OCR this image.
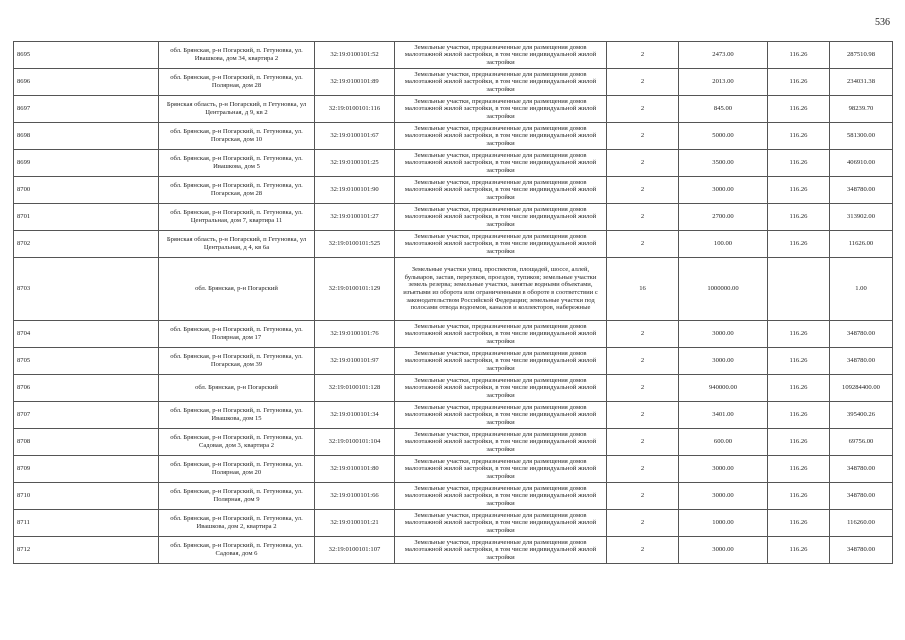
536
8695	обл. Брянская, р-н Погарский, п. Гетуновка, ул. Ивашкова, дом 34, квартира 2	32:19:0100101:52	Земельные участки, предназначенные для размещения домов малоэтажной жилой застройки, в том числе индивидуальной жилой застройки	2	2473.00	116.26	287510.98
8696	обл. Брянская, р-н Погарский, п. Гетуновка, ул. Полярная, дом 28	32:19:0100101:89	Земельные участки, предназначенные для размещения домов малоэтажной жилой застройки, в том числе индивидуальной жилой застройки	2	2013.00	116.26	234031.38
8697	Брянская область, р-н Погарский, п Гетуновка, ул Центральная, д 9, кв 2	32:19:0100101:116	Земельные участки, предназначенные для размещения домов малоэтажной жилой застройки, в том числе индивидуальной жилой застройки	2	845.00	116.26	98239.70
8698	обл. Брянская, р-н Погарский, п. Гетуновка, ул. Погарская, дом 10	32:19:0100101:67	Земельные участки, предназначенные для размещения домов малоэтажной жилой застройки, в том числе индивидуальной жилой застройки	2	5000.00	116.26	581300.00
8699	обл. Брянская, р-н Погарский, п. Гетуновка, ул. Ивашкова, дом 5	32:19:0100101:25	Земельные участки, предназначенные для размещения домов малоэтажной жилой застройки, в том числе индивидуальной жилой застройки	2	3500.00	116.26	406910.00
8700	обл. Брянская, р-н Погарский, п. Гетуновка, ул. Погарская, дом 28	32:19:0100101:90	Земельные участки, предназначенные для размещения домов малоэтажной жилой застройки, в том числе индивидуальной жилой застройки	2	3000.00	116.26	348780.00
8701	обл. Брянская, р-н Погарский, п. Гетуновка, ул. Центральная, дом 7, квартира 11	32:19:0100101:27	Земельные участки, предназначенные для размещения домов малоэтажной жилой застройки, в том числе индивидуальной жилой застройки	2	2700.00	116.26	313902.00
8702	Брянская область, р-н Погарский, п Гетуновка, ул Центральная, д 4, кв 6а	32:19:0100101:525	Земельные участки, предназначенные для размещения домов малоэтажной жилой застройки, в том числе индивидуальной жилой застройки	2	100.00	116.26	11626.00
8703	обл. Брянская, р-н Погарский	32:19:0100101:129	Земельные участки улиц, проспектов, площадей, шоссе, аллей, бульваров, застав, переулков, проездов, тупиков; земельные участки земель резерва; земельные участки, занятые водными объектами, изъятыми из оборота или ограниченными в обороте в соответствии с законодательством Российской Федерации; земельные участки под полосами отвода водоемов, каналов и коллекторов, набережные	16	1000000.00		1.00
8704	обл. Брянская, р-н Погарский, п. Гетуновка, ул. Полярная, дом 17	32:19:0100101:76	Земельные участки, предназначенные для размещения домов малоэтажной жилой застройки, в том числе индивидуальной жилой застройки	2	3000.00	116.26	348780.00
8705	обл. Брянская, р-н Погарский, п. Гетуновка, ул. Погарская, дом 39	32:19:0100101:97	Земельные участки, предназначенные для размещения домов малоэтажной жилой застройки, в том числе индивидуальной жилой застройки	2	3000.00	116.26	348780.00
8706	обл. Брянская, р-н Погарский	32:19:0100101:128	Земельные участки, предназначенные для размещения домов малоэтажной жилой застройки, в том числе индивидуальной жилой застройки	2	940000.00	116.26	109284400.00
8707	обл. Брянская, р-н Погарский, п. Гетуновка, ул. Ивашкова, дом 15	32:19:0100101:34	Земельные участки, предназначенные для размещения домов малоэтажной жилой застройки, в том числе индивидуальной жилой застройки	2	3401.00	116.26	395400.26
8708	обл. Брянская, р-н Погарский, п. Гетуновка, ул. Садовая, дом 3, квартира 2	32:19:0100101:104	Земельные участки, предназначенные для размещения домов малоэтажной жилой застройки, в том числе индивидуальной жилой застройки	2	600.00	116.26	69756.00
8709	обл. Брянская, р-н Погарский, п. Гетуновка, ул. Полярная, дом 20	32:19:0100101:80	Земельные участки, предназначенные для размещения домов малоэтажной жилой застройки, в том числе индивидуальной жилой застройки	2	3000.00	116.26	348780.00
8710	обл. Брянская, р-н Погарский, п. Гетуновка, ул. Полярная, дом 9	32:19:0100101:66	Земельные участки, предназначенные для размещения домов малоэтажной жилой застройки, в том числе индивидуальной жилой застройки	2	3000.00	116.26	348780.00
8711	обл. Брянская, р-н Погарский, п. Гетуновка, ул. Ивашкова, дом 2, квартира 2	32:19:0100101:21	Земельные участки, предназначенные для размещения домов малоэтажной жилой застройки, в том числе индивидуальной жилой застройки	2	1000.00	116.26	116260.00
8712	обл. Брянская, р-н Погарский, п. Гетуновка, ул. Садовая, дом 6	32:19:0100101:107	Земельные участки, предназначенные для размещения домов малоэтажной жилой застройки, в том числе индивидуальной жилой застройки	2	3000.00	116.26	348780.00
